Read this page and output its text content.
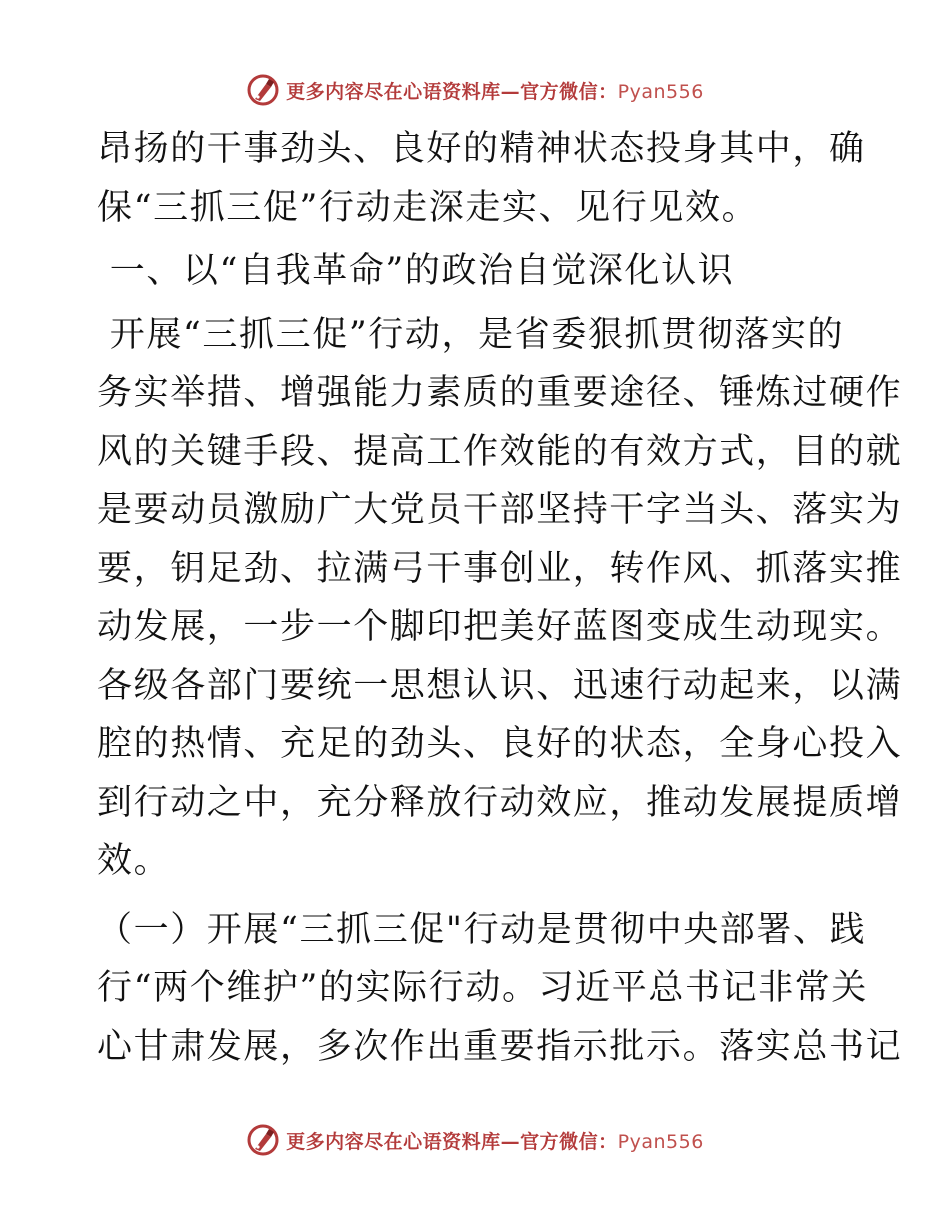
更多内容尽在心语资料库—官方微信：Pyan556
昂扬的干事劲头、良好的精神状态投身其中，确
保“三抓三促”行动走深走实、见行见效。
一、以“自我革命”的政治自觉深化认识
开展“三抓三促”行动，是省委狠抓贯彻落实的
务实举措、增强能力素质的重要途径、锤炼过硬作
风的关键手段、提高工作效能的有效方式，目的就
是要动员激励广大党员干部坚持干字当头、落实为
要，钥足劲、拉满弓干事创业，转作风、抓落实推
动发展，一步一个脚印把美好蓝图变成生动现实。
各级各部门要统一思想认识、迅速行动起来，以满
腔的热情、充足的劲头、良好的状态，全身心投入
到行动之中，充分释放行动效应，推动发展提质增
效。
（一）开展“三抓三促"行动是贯彻中央部署、践
行“两个维护”的实际行动。习近平总书记非常关
心甘肃发展，多次作出重要指示批示。落实总书记
更多内容尽在心语资料库—官方微信：Pyan556
